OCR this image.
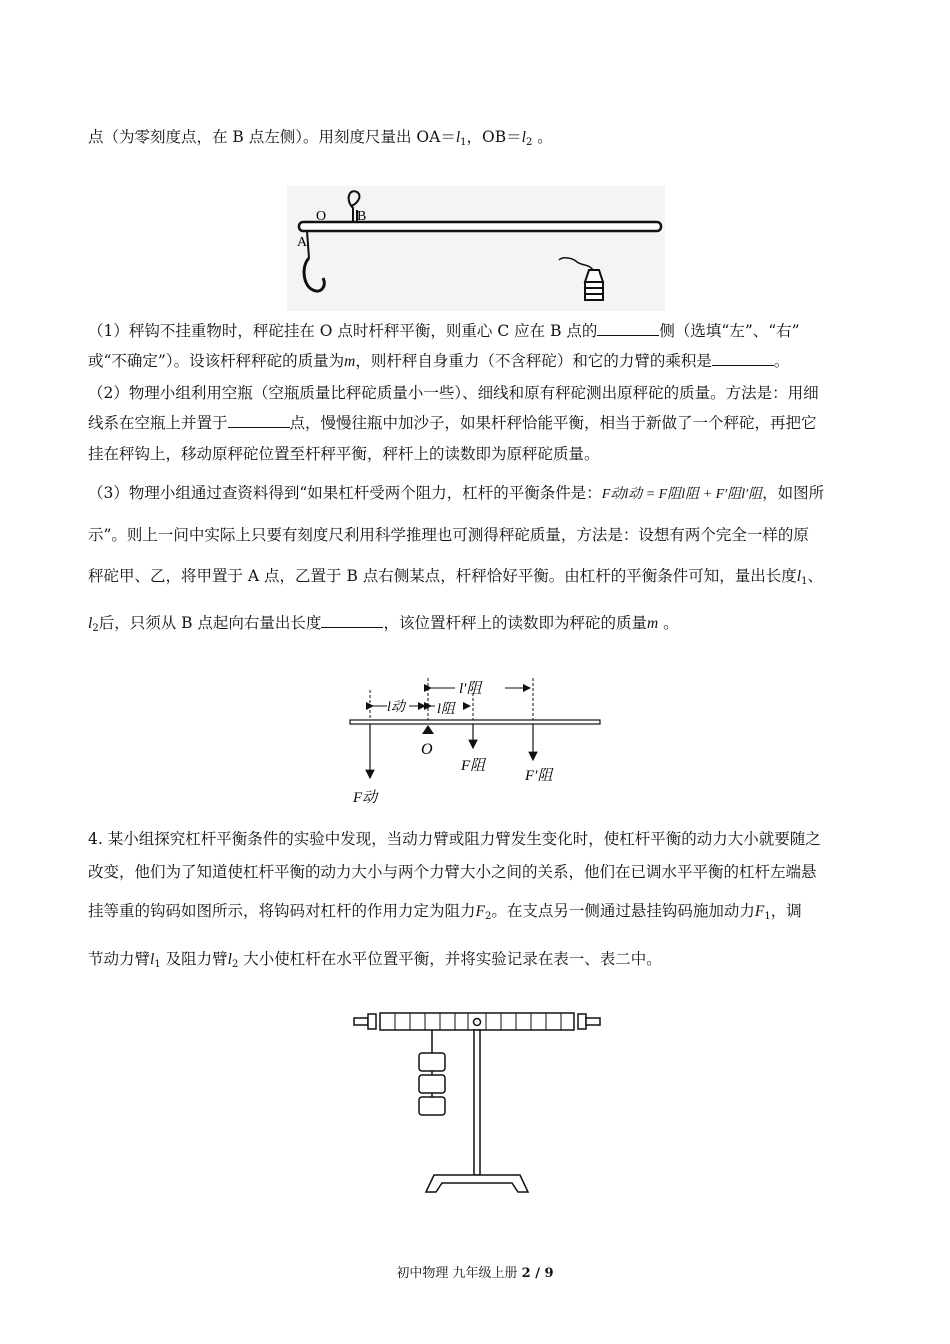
点（为零刻度点，在 B 点左侧）。用刻度尺量出 $OA=l_1$，$OB=l_2$ 。
O B
A
（1）秤钩不挂重物时，秤砣挂在 O 点时杆秤平衡，则重心 C 应在 B 点的	侧（选填“左”、“右”
或“不确定”）。设该杆秤秤砣的质量为m，则杆秤自身重力（不含秤砣）和它的力臂的乘积是	。
（2）物理小组利用空瓶（空瓶质量比秤砣质量小一些）、细线和原有秤砣测出原秤砣的质量。方法是：用细
线系在空瓶上并置于	点，慢慢往瓶中加沙子，如果杆秤恰能平衡，相当于新做了一个秤砣，再把它
挂在秤钩上，移动原秤砣位置至杆秤平衡，秤杆上的读数即为原秤砣质量。
（3）物理小组通过查资料得到“如果杠杆受两个阻力，杠杆的平衡条件是：F动l动 = F阻l阻 + F′阻l′阻，如图所
示”。则上一问中实际上只要有刻度尺利用科学推理也可测得秤砣质量，方法是：设想有两个完全一样的原
秤砣甲、乙，将甲置于 A 点，乙置于 B 点右侧某点，杆秤恰好平衡。由杠杆的平衡条件可知，量出长度$l_1$、
$l_2$后，只须从 B 点起向右量出长度	，该位置杆秤上的读数即为秤砣的质量m 。
l动 l阻
l′阻
O
F阻
F′阻
F动
4. 某小组探究杠杆平衡条件的实验中发现，当动力臂或阻力臂发生变化时，使杠杆平衡的动力大小就要随之
改变，他们为了知道使杠杆平衡的动力大小与两个力臂大小之间的关系，他们在已调水平平衡的杠杆左端悬
挂等重的钩码如图所示，将钩码对杠杆的作用力定为阻力$F_2$。在支点另一侧通过悬挂钩码施加动力$F_1$，调
节动力臂$l_1$ 及阻力臂$l_2$ 大小使杠杆在水平位置平衡，并将实验记录在表一、表二中。
初中物理 九年级上册 2 / 9
